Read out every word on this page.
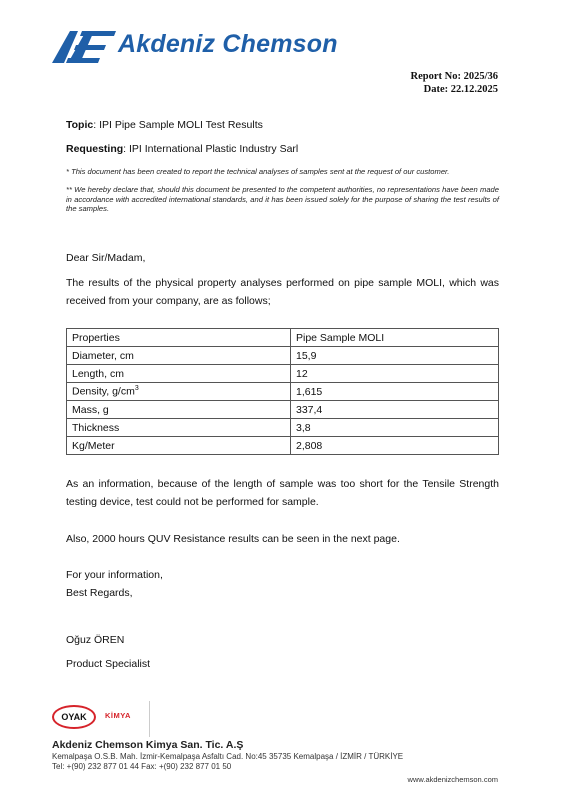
Akdeniz Chemson
Report No: 2025/36
Date: 22.12.2025
Topic: IPI Pipe Sample MOLI Test Results
Requesting: IPI International Plastic Industry Sarl
* This document has been created to report the technical analyses of samples sent at the request of our customer.
** We hereby declare that, should this document be presented to the competent authorities, no representations have been made in accordance with accredited international standards, and it has been issued solely for the purpose of sharing the test results of the samples.
Dear Sir/Madam,
The results of the physical property analyses performed on pipe sample MOLI, which was received from your company, are as follows;
Properties	Pipe Sample MOLI
Diameter, cm	15,9
Length, cm	12
Density, $g/cm^3$	1,615
Mass, g	337,4
Thickness	3,8
Kg/Meter	2,808
As an information, because of the length of sample was too short for the Tensile Strength testing device, test could not be performed for sample.
Also, 2000 hours QUV Resistance results can be seen in the next page.
For your information,
Best Regards,
Oğuz ÖREN
Product Specialist
OYAK KİMYA
Akdeniz Chemson Kimya San. Tic. A.Ş
Kemalpaşa O.S.B. Mah. İzmir-Kemalpaşa Asfaltı Cad. No:45 35735 Kemalpaşa / İZMİR / TÜRKİYE
Tel: +(90) 232 877 01 44 Fax: +(90) 232 877 01 50
www.akdenizchemson.com
